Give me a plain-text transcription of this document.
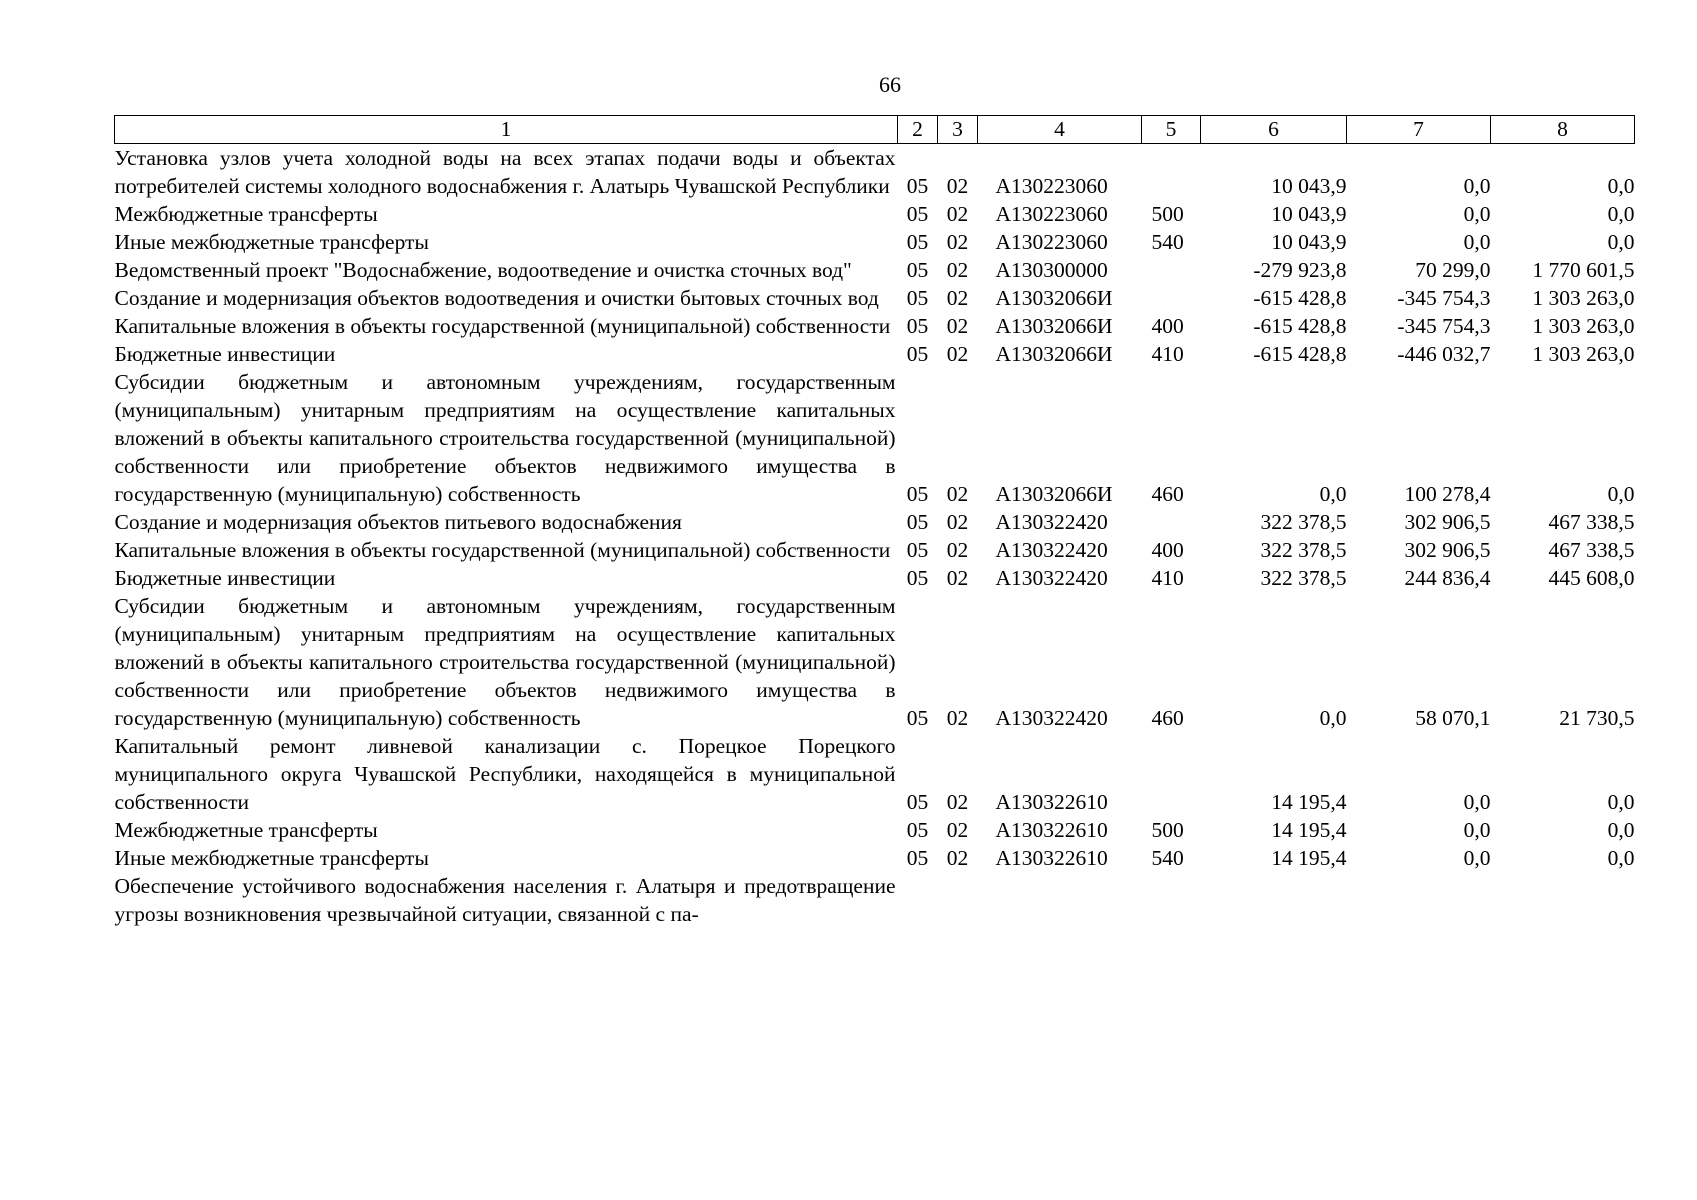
66
1	2	3	4	5	6	7	8
Установка узлов учета холодной воды на всех этапах подачи воды и объектах потребителей системы холодного водоснабжения г. Алатырь Чувашской Республики	05	02	А130223060		10 043,9	0,0	0,0
Межбюджетные трансферты	05	02	А130223060	500	10 043,9	0,0	0,0
Иные межбюджетные трансферты	05	02	А130223060	540	10 043,9	0,0	0,0
Ведомственный проект "Водоснабжение, водоотведение и очистка сточных вод"	05	02	А130300000		-279 923,8	70 299,0	1 770 601,5
Создание и модернизация объектов водоотведения и очистки бытовых сточных вод	05	02	А13032066И		-615 428,8	-345 754,3	1 303 263,0
Капитальные вложения в объекты государственной (муниципальной) собственности	05	02	А13032066И	400	-615 428,8	-345 754,3	1 303 263,0
Бюджетные инвестиции	05	02	А13032066И	410	-615 428,8	-446 032,7	1 303 263,0
Субсидии бюджетным и автономным учреждениям, государственным (муниципальным) унитарным предприятиям на осуществление капитальных вложений в объекты капитального строительства государственной (муниципальной) собственности или приобретение объектов недвижимого имущества в государственную (муниципальную) собственность	05	02	А13032066И	460	0,0	100 278,4	0,0
Создание и модернизация объектов питьевого водоснабжения	05	02	А130322420		322 378,5	302 906,5	467 338,5
Капитальные вложения в объекты государственной (муниципальной) собственности	05	02	А130322420	400	322 378,5	302 906,5	467 338,5
Бюджетные инвестиции	05	02	А130322420	410	322 378,5	244 836,4	445 608,0
Субсидии бюджетным и автономным учреждениям, государственным (муниципальным) унитарным предприятиям на осуществление капитальных вложений в объекты капитального строительства государственной (муниципальной) собственности или приобретение объектов недвижимого имущества в государственную (муниципальную) собственность	05	02	А130322420	460	0,0	58 070,1	21 730,5
Капитальный ремонт ливневой канализации с. Порецкое Порецкого муниципального округа Чувашской Республики, находящейся в муниципальной собственности	05	02	А130322610		14 195,4	0,0	0,0
Межбюджетные трансферты	05	02	А130322610	500	14 195,4	0,0	0,0
Иные межбюджетные трансферты	05	02	А130322610	540	14 195,4	0,0	0,0
Обеспечение устойчивого водоснабжения населения г. Алатыря и предотвращение угрозы возникновения чрезвычайной ситуации, связанной с па-							
